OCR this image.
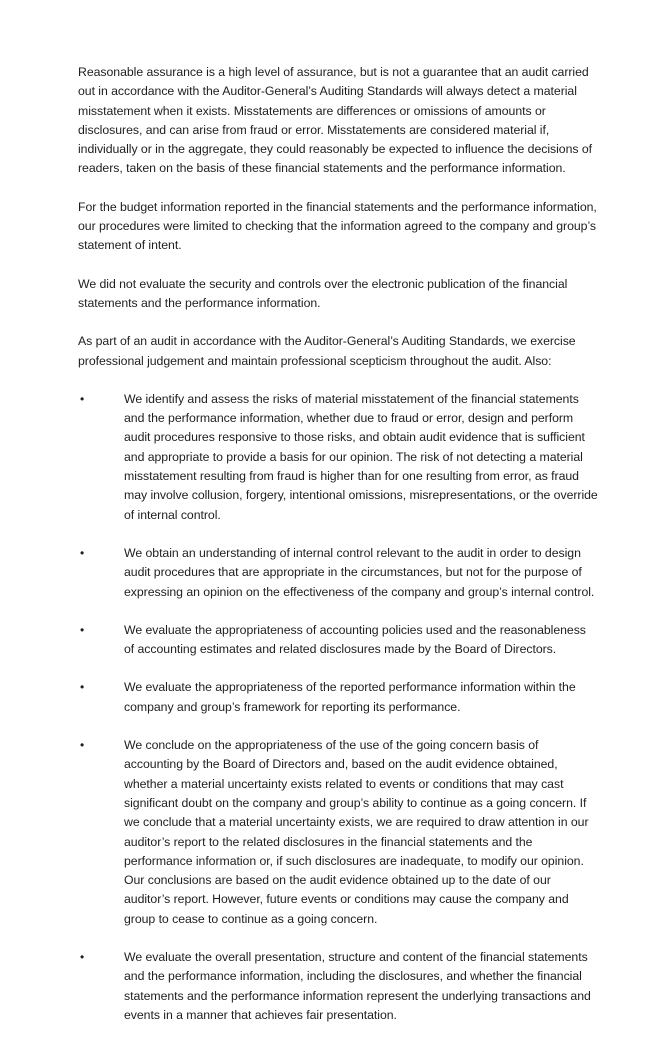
Reasonable assurance is a high level of assurance, but is not a guarantee that an audit carried out in accordance with the Auditor-General’s Auditing Standards will always detect a material misstatement when it exists. Misstatements are differences or omissions of amounts or disclosures, and can arise from fraud or error. Misstatements are considered material if, individually or in the aggregate, they could reasonably be expected to influence the decisions of readers, taken on the basis of these financial statements and the performance information.

For the budget information reported in the financial statements and the performance information, our procedures were limited to checking that the information agreed to the company and group’s statement of intent.

We did not evaluate the security and controls over the electronic publication of the financial statements and the performance information.

As part of an audit in accordance with the Auditor-General’s Auditing Standards, we exercise professional judgement and maintain professional scepticism throughout the audit. Also:

•	We identify and assess the risks of material misstatement of the financial statements and the performance information, whether due to fraud or error, design and perform audit procedures responsive to those risks, and obtain audit evidence that is sufficient and appropriate to provide a basis for our opinion. The risk of not detecting a material misstatement resulting from fraud is higher than for one resulting from error, as fraud may involve collusion, forgery, intentional omissions, misrepresentations, or the override of internal control.
•	We obtain an understanding of internal control relevant to the audit in order to design audit procedures that are appropriate in the circumstances, but not for the purpose of expressing an opinion on the effectiveness of the company and group’s internal control.
•	We evaluate the appropriateness of accounting policies used and the reasonableness of accounting estimates and related disclosures made by the Board of Directors.
•	We evaluate the appropriateness of the reported performance information within the company and group’s framework for reporting its performance.
•	We conclude on the appropriateness of the use of the going concern basis of accounting by the Board of Directors and, based on the audit evidence obtained, whether a material uncertainty exists related to events or conditions that may cast significant doubt on the company and group’s ability to continue as a going concern. If we conclude that a material uncertainty exists, we are required to draw attention in our auditor’s report to the related disclosures in the financial statements and the performance information or, if such disclosures are inadequate, to modify our opinion. Our conclusions are based on the audit evidence obtained up to the date of our auditor’s report. However, future events or conditions may cause the company and group to cease to continue as a going concern.
•	We evaluate the overall presentation, structure and content of the financial statements and the performance information, including the disclosures, and whether the financial statements and the performance information represent the underlying transactions and events in a manner that achieves fair presentation.
